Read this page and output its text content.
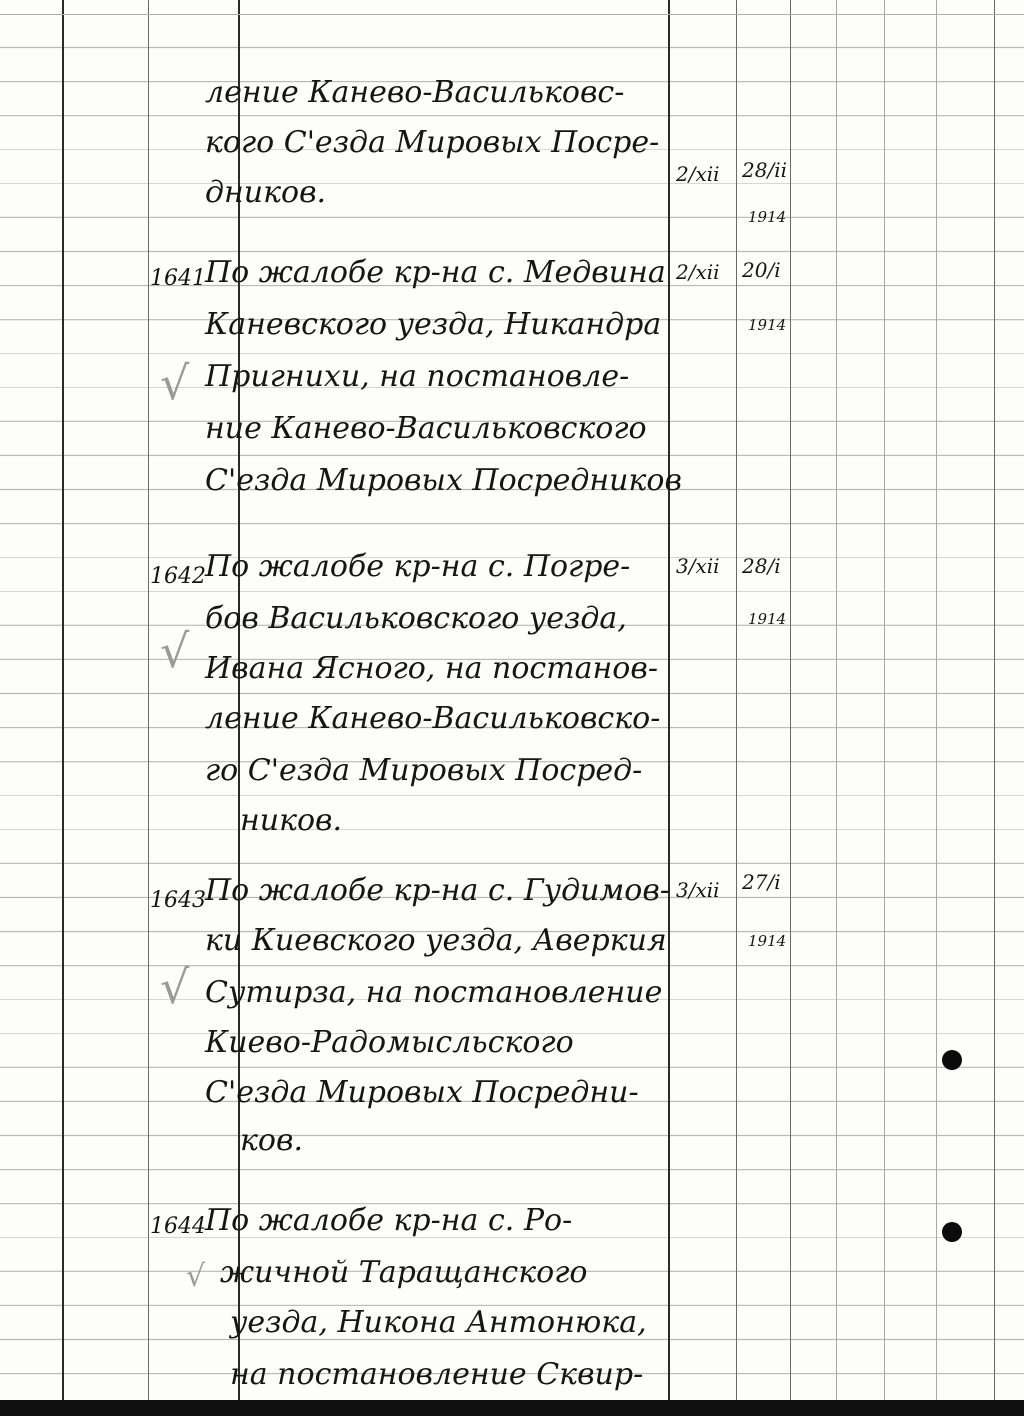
ление Канево-Васильковс-
кого С'езда Мировых Посре-
дников.
2/xii 28/ii
1914
1641
√
По жалобе кр-на с. Медвина
Каневского уезда, Никандра
Пригнихи, на постановле-
ние Канево-Васильковского
С'езда Мировых Посредников
2/xii 20/i
1914
1642
√
По жалобе кр-на с. Погре-
бов Васильковского уезда,
Ивана Ясного, на постанов-
ление Канево-Васильковско-
го С'езда Мировых Посред-
ников.
3/xii 28/i
1914
1643
√
По жалобе кр-на с. Гудимов-
ки Киевского уезда, Аверкия
Сутирза, на постановление
Киево-Радомысльского
С'езда Мировых Посредни-
ков.
3/xii 27/i
1914
1644
√
По жалобе кр-на с. Ро-
жичной Таращанского
уезда, Никона Антонюка,
на постановление Сквир-
